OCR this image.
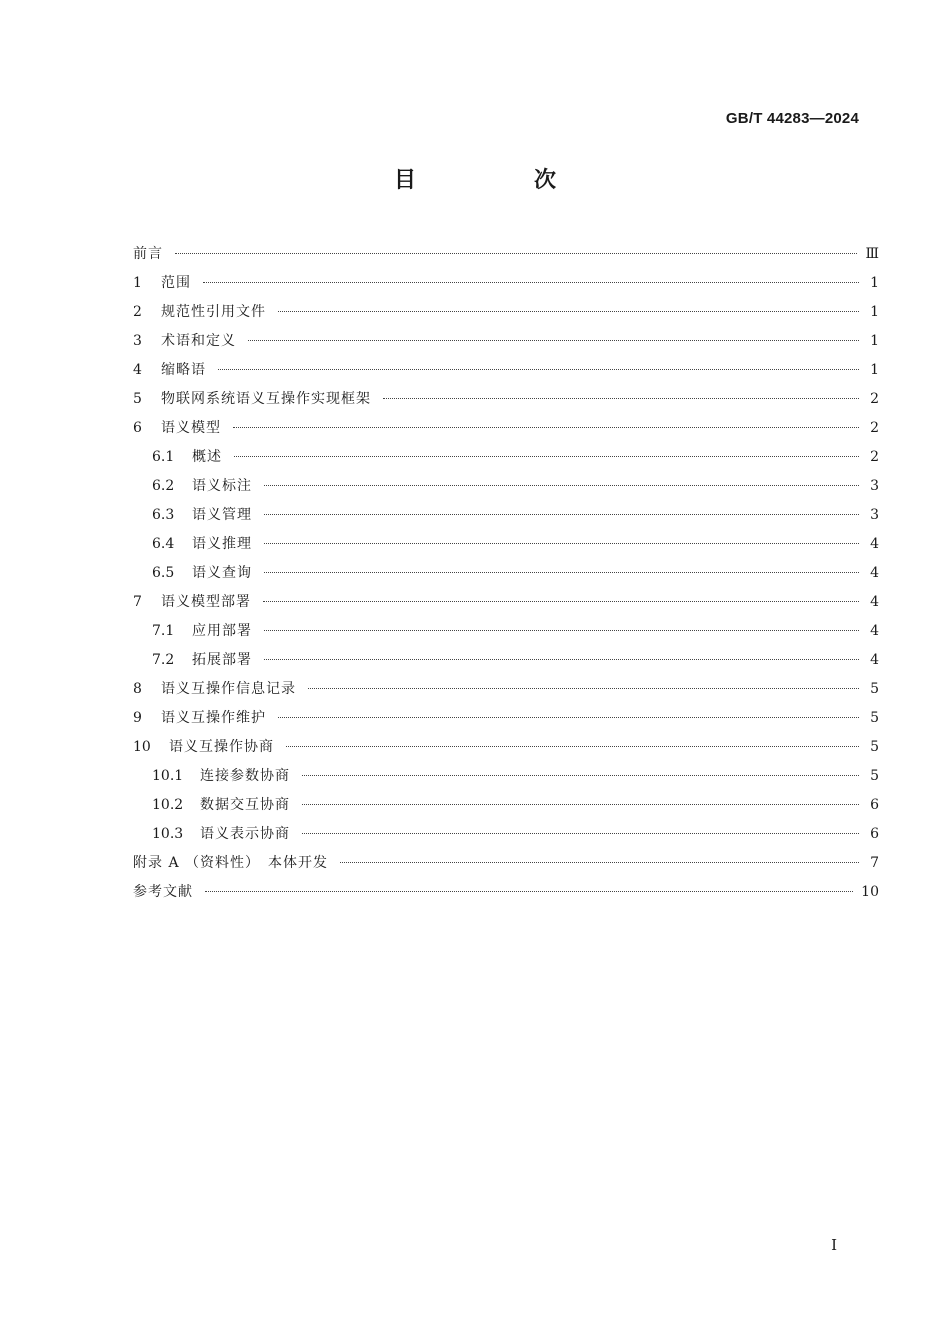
GB/T 44283—2024
目　次
前言	Ⅲ
1	范围	1
2	规范性引用文件	1
3	术语和定义	1
4	缩略语	1
5	物联网系统语义互操作实现框架	2
6	语义模型	2
6.1	概述	2
6.2	语义标注	3
6.3	语义管理	3
6.4	语义推理	4
6.5	语义查询	4
7	语义模型部署	4
7.1	应用部署	4
7.2	拓展部署	4
8	语义互操作信息记录	5
9	语义互操作维护	5
10	语义互操作协商	5
10.1	连接参数协商	5
10.2	数据交互协商	6
10.3	语义表示协商	6
附录 A （资料性）　本体开发	7
参考文献	10
Ⅰ
